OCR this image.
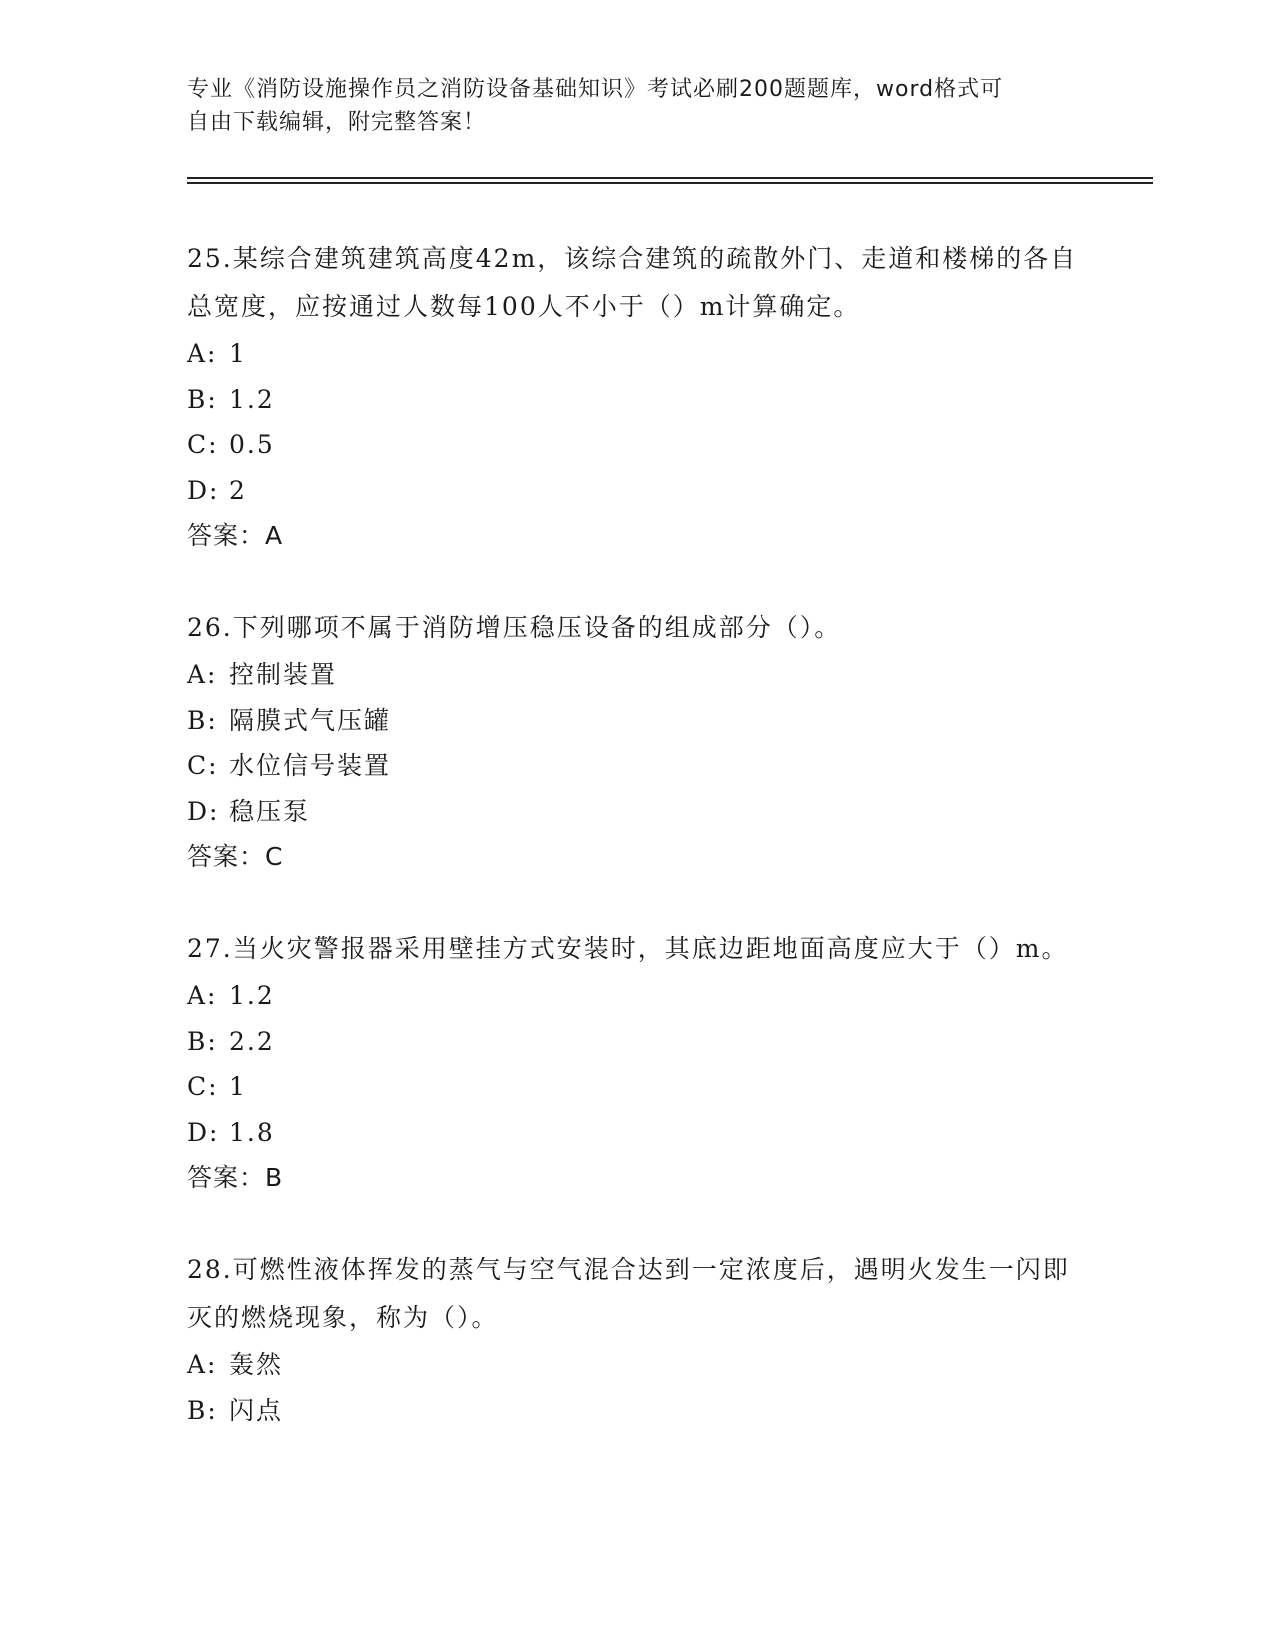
专业《消防设施操作员之消防设备基础知识》考试必刷200题题库，word格式可
自由下载编辑，附完整答案！

25.某综合建筑建筑高度42m，该综合建筑的疏散外门、走道和楼梯的各自总宽度，应按通过人数每100人不小于（）m计算确定。

A: 1

B: 1.2

C: 0.5

D: 2

答案：A

26.下列哪项不属于消防增压稳压设备的组成部分（）。

A: 控制装置

B: 隔膜式气压罐

C: 水位信号装置

D: 稳压泵

答案：C

27.当火灾警报器采用壁挂方式安装时，其底边距地面高度应大于（）m。

A: 1.2

B: 2.2

C: 1

D: 1.8

答案：B

28.可燃性液体挥发的蒸气与空气混合达到一定浓度后，遇明火发生一闪即灭的燃烧现象，称为（）。

A: 轰然

B: 闪点
